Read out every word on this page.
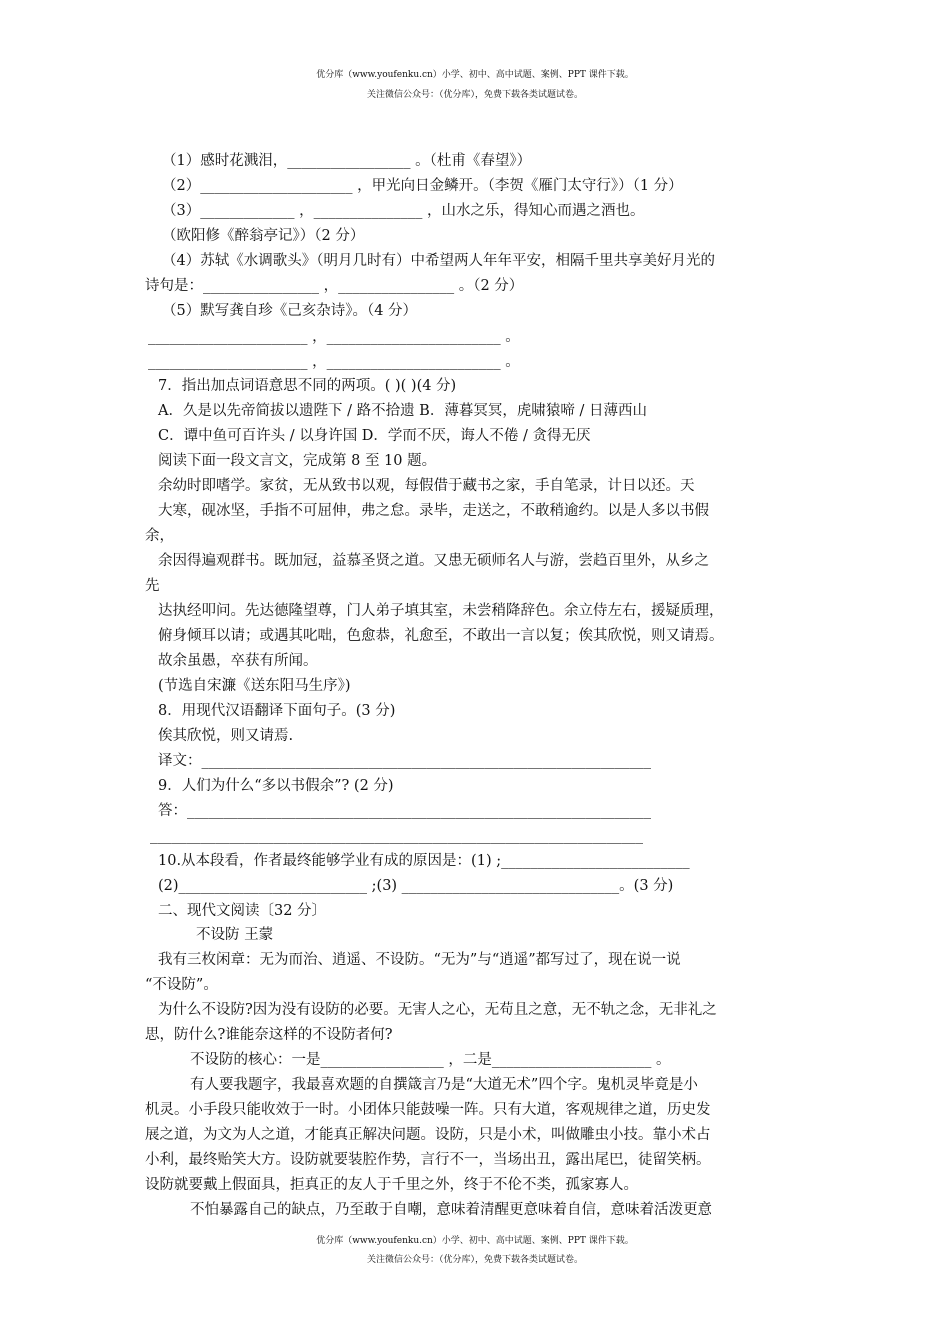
优分库（www.youfenku.cn）小学、初中、高中试题、案例、PPT 课件下载。
关注微信公众号：（优分库），免费下载各类试题试卷。
（1）感时花溅泪，_________________ 。（杜甫《春望》）
（2）_____________________ ，甲光向日金鳞开。（李贺《雁门太守行》）（1 分）
（3）_____________ ，_______________ ，山水之乐，得知心而遇之酒也。
（欧阳修《醉翁亭记》）（2 分）
（4）苏轼《水调歌头》（明月几时有）中希望两人年年平安，相隔千里共享美好月光的
诗句是：________________ ，________________ 。（2 分）
（5）默写龚自珍《己亥杂诗》。（4 分）
______________________ ，________________________ 。
______________________ ，________________________ 。
7．指出加点词语意思不同的两项。( )( )(4 分)
A．久是以先帝简拔以遗陛下 / 路不拾遗 B．薄暮冥冥，虎啸猿啼 / 日薄西山
C．谭中鱼可百许头 / 以身许国 D．学而不厌，诲人不倦 / 贪得无厌
阅读下面一段文言文，完成第 8 至 10 题。
余幼时即嗜学。家贫，无从致书以观，每假借于藏书之家，手自笔录，计日以还。天
大寒，砚冰坚，手指不可屈伸，弗之怠。录毕，走送之，不敢稍逾约。以是人多以书假
余，
余因得遍观群书。既加冠，益慕圣贤之道。又患无硕师名人与游，尝趋百里外，从乡之
先
达执经叩问。先达德隆望尊，门人弟子填其室，未尝稍降辞色。余立侍左右，援疑质理，
俯身倾耳以请；或遇其叱咄，色愈恭，礼愈至，不敢出一言以复；俟其欣悦，则又请焉。
故余虽愚，卒获有所闻。
(节选自宋濂《送东阳马生序》)
8．用现代汉语翻译下面句子。(3 分)
俟其欣悦，则又请焉.
译文：______________________________________________________________
9．人们为什么“多以书假余”? (2 分)
答：________________________________________________________________
____________________________________________________________________
10.从本段看，作者最终能够学业有成的原因是：(1) ;__________________________
(2)__________________________ ;(3) ______________________________。(3 分)
二、现代文阅读〔32 分〕
不设防 王蒙
我有三枚闲章：无为而治、逍遥、不设防。“无为”与“逍遥”都写过了，现在说一说
“不设防”。
为什么不设防?因为没有设防的必要。无害人之心，无苟且之意，无不轨之念，无非礼之
思，防什么?谁能奈这样的不设防者何?
不设防的核心：一是_________________ ，二是______________________ 。
有人要我题字，我最喜欢题的自撰箴言乃是“大道无术”四个字。鬼机灵毕竟是小
机灵。小手段只能收效于一时。小团体只能鼓噪一阵。只有大道，客观规律之道，历史发
展之道，为文为人之道，才能真正解决问题。设防，只是小术，叫做雕虫小技。靠小术占
小利，最终贻笑大方。设防就要装腔作势，言行不一，当场出丑，露出尾巴，徒留笑柄。
设防就要戴上假面具，拒真正的友人于千里之外，终于不伦不类，孤家寡人。
不怕暴露自己的缺点，乃至敢于自嘲，意味着清醒更意味着自信，意味着活泼更意
优分库（www.youfenku.cn）小学、初中、高中试题、案例、PPT 课件下载。
关注微信公众号：（优分库），免费下载各类试题试卷。
